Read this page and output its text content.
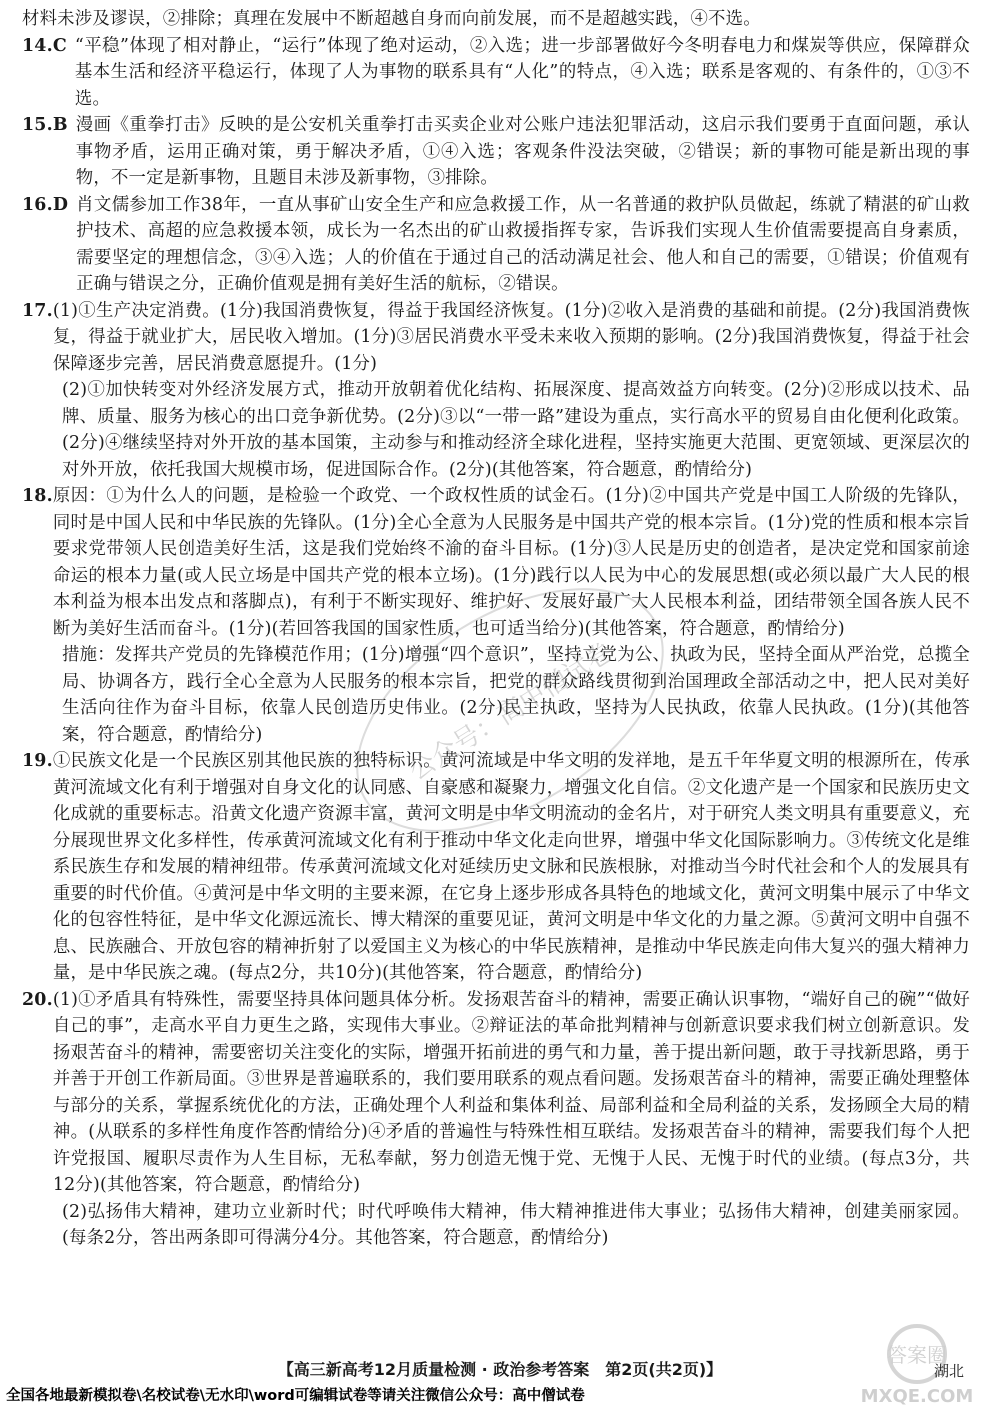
材料未涉及谬误，②排除；真理在发展中不断超越自身而向前发展，而不是超越实践，④不选。

14. C “平稳”体现了相对静止，“运行”体现了绝对运动，②入选；进一步部署做好今冬明春电力和煤炭等供应，保障群众基本生活和经济平稳运行，体现了人为事物的联系具有“人化”的特点，④入选；联系是客观的、有条件的，①③不选。

15. B 漫画《重拳打击》反映的是公安机关重拳打击买卖企业对公账户违法犯罪活动，这启示我们要勇于直面问题，承认事物矛盾，运用正确对策，勇于解决矛盾，①④入选；客观条件没法突破，②错误；新的事物可能是新出现的事物，不一定是新事物，且题目未涉及新事物，③排除。

16. D 肖文儒参加工作38年，一直从事矿山安全生产和应急救援工作，从一名普通的救护队员做起，练就了精湛的矿山救护技术、高超的应急救援本领，成长为一名杰出的矿山救援指挥专家，告诉我们实现人生价值需要提高自身素质，需要坚定的理想信念，③④入选；人的价值在于通过自己的活动满足社会、他人和自己的需要，①错误；价值观有正确与错误之分，正确价值观是拥有美好生活的航标，②错误。

17. (1)①生产决定消费。(1分)我国消费恢复，得益于我国经济恢复。(1分)②收入是消费的基础和前提。(2分)我国消费恢复，得益于就业扩大，居民收入增加。(1分)③居民消费水平受未来收入预期的影响。(2分)我国消费恢复，得益于社会保障逐步完善，居民消费意愿提升。(1分)

(2)①加快转变对外经济发展方式，推动开放朝着优化结构、拓展深度、提高效益方向转变。(2分)②形成以技术、品牌、质量、服务为核心的出口竞争新优势。(2分)③以“一带一路”建设为重点，实行高水平的贸易自由化便利化政策。(2分)④继续坚持对外开放的基本国策，主动参与和推动经济全球化进程，坚持实施更大范围、更宽领域、更深层次的对外开放，依托我国大规模市场，促进国际合作。(2分)(其他答案，符合题意，酌情给分)

18. 原因：①为什么人的问题，是检验一个政党、一个政权性质的试金石。(1分)②中国共产党是中国工人阶级的先锋队，同时是中国人民和中华民族的先锋队。(1分)全心全意为人民服务是中国共产党的根本宗旨。(1分)党的性质和根本宗旨要求党带领人民创造美好生活，这是我们党始终不渝的奋斗目标。(1分)③人民是历史的创造者，是决定党和国家前途命运的根本力量(或人民立场是中国共产党的根本立场)。(1分)践行以人民为中心的发展思想(或必须以最广大人民的根本利益为根本出发点和落脚点)，有利于不断实现好、维护好、发展好最广大人民根本利益，团结带领全国各族人民不断为美好生活而奋斗。(1分)(若回答我国的国家性质，也可适当给分)(其他答案，符合题意，酌情给分)

措施：发挥共产党员的先锋模范作用；(1分)增强“四个意识”，坚持立党为公、执政为民，坚持全面从严治党，总揽全局、协调各方，践行全心全意为人民服务的根本宗旨，把党的群众路线贯彻到治国理政全部活动之中，把人民对美好生活向往作为奋斗目标，依靠人民创造历史伟业。(2分)民主执政，坚持为人民执政，依靠人民执政。(1分)(其他答案，符合题意，酌情给分)

19. ①民族文化是一个民族区别其他民族的独特标识。黄河流域是中华文明的发祥地，是五千年华夏文明的根源所在，传承黄河流域文化有利于增强对自身文化的认同感、自豪感和凝聚力，增强文化自信。②文化遗产是一个国家和民族历史文化成就的重要标志。沿黄文化遗产资源丰富，黄河文明是中华文明流动的金名片，对于研究人类文明具有重要意义，充分展现世界文化多样性，传承黄河流域文化有利于推动中华文化走向世界，增强中华文化国际影响力。③传统文化是维系民族生存和发展的精神纽带。传承黄河流域文化对延续历史文脉和民族根脉，对推动当今时代社会和个人的发展具有重要的时代价值。④黄河是中华文明的主要来源，在它身上逐步形成各具特色的地域文化，黄河文明集中展示了中华文化的包容性特征，是中华文化源远流长、博大精深的重要见证，黄河文明是中华文化的力量之源。⑤黄河文明中自强不息、民族融合、开放包容的精神折射了以爱国主义为核心的中华民族精神，是推动中华民族走向伟大复兴的强大精神力量，是中华民族之魂。(每点2分，共10分)(其他答案，符合题意，酌情给分)

20. (1)①矛盾具有特殊性，需要坚持具体问题具体分析。发扬艰苦奋斗的精神，需要正确认识事物，“端好自己的碗”“做好自己的事”，走高水平自力更生之路，实现伟大事业。②辩证法的革命批判精神与创新意识要求我们树立创新意识。发扬艰苦奋斗的精神，需要密切关注变化的实际，增强开拓前进的勇气和力量，善于提出新问题，敢于寻找新思路，勇于并善于开创工作新局面。③世界是普遍联系的，我们要用联系的观点看问题。发扬艰苦奋斗的精神，需要正确处理整体与部分的关系，掌握系统优化的方法，正确处理个人利益和集体利益、局部利益和全局利益的关系，发扬顾全大局的精神。(从联系的多样性角度作答酌情给分)④矛盾的普遍性与特殊性相互联结。发扬艰苦奋斗的精神，需要我们每个人把许党报国、履职尽责作为人生目标，无私奉献，努力创造无愧于党、无愧于人民、无愧于时代的业绩。(每点3分，共12分)(其他答案，符合题意，酌情给分)

(2)弘扬伟大精神，建功立业新时代；时代呼唤伟大精神，伟大精神推进伟大事业；弘扬伟大精神，创建美丽家园。(每条2分，答出两条即可得满分4分。其他答案，符合题意，酌情给分)

公众号：高中僧试卷
答案圈
MXQE.COM
【高三新高考12月质量检测 · 政治参考答案　第2页(共2页)】	湖北
全国各地最新模拟卷\名校试卷\无水印\word可编辑试卷等请关注微信公众号：高中僧试卷
